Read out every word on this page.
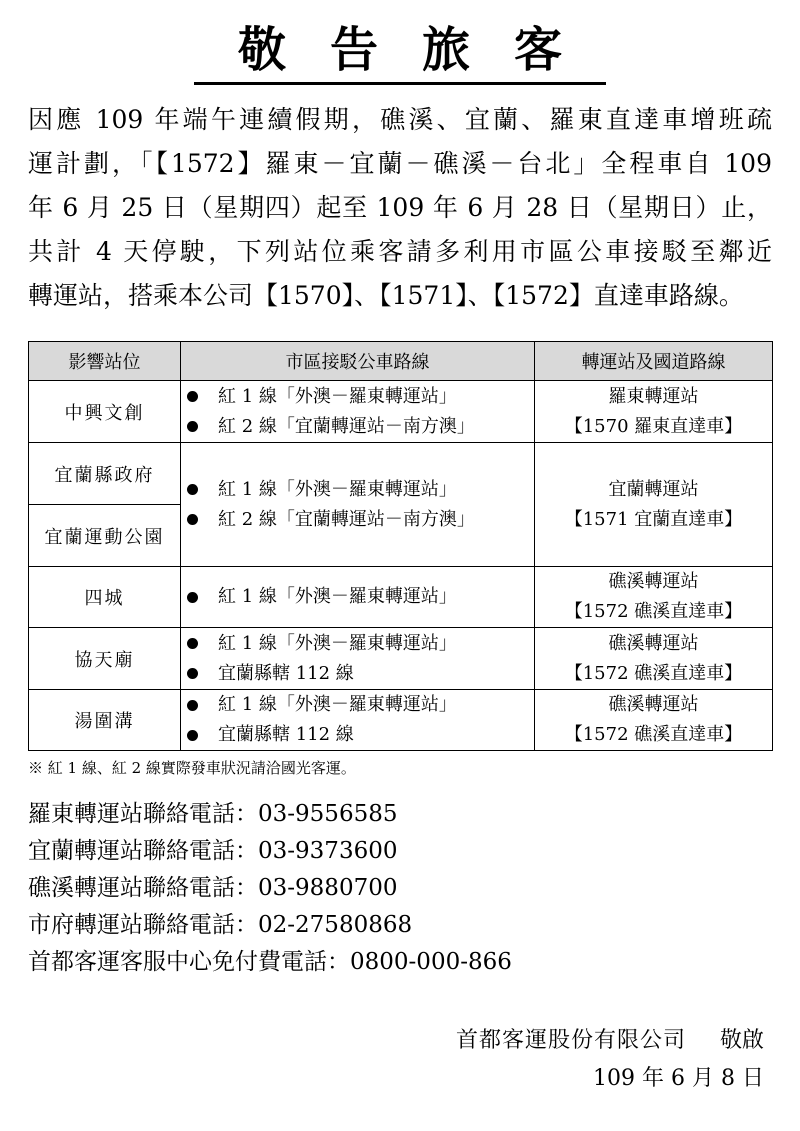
敬告旅客
因應 109 年端午連續假期，礁溪、宜蘭、羅東直達車增班疏
運計劃，「【1572】羅東－宜蘭－礁溪－台北」全程車自 109
年 6 月 25 日（星期四）起至 109 年 6 月 28 日（星期日）止，
共計 4 天停駛，下列站位乘客請多利用市區公車接駁至鄰近
轉運站，搭乘本公司【1570】、【1571】、【1572】直達車路線。
影響站位	市區接駁公車路線	轉運站及國道路線
中興文創	紅 1 線「外澳－羅東轉運站」
紅 2 線「宜蘭轉運站－南方澳」	羅東轉運站
【1570 羅東直達車】

宜蘭縣政府	紅 1 線「外澳－羅東轉運站」
紅 2 線「宜蘭轉運站－南方澳」	宜蘭轉運站
【1571 宜蘭直達車】

宜蘭運動公園		
四城	紅 1 線「外澳－羅東轉運站」	礁溪轉運站
【1572 礁溪直達車】

協天廟	紅 1 線「外澳－羅東轉運站」
宜蘭縣轄 112 線	礁溪轉運站
【1572 礁溪直達車】

湯圍溝	紅 1 線「外澳－羅東轉運站」
宜蘭縣轄 112 線	礁溪轉運站
【1572 礁溪直達車】
※ 紅 1 線、紅 2 線實際發車狀況請洽國光客運。
羅東轉運站聯絡電話：03-9556585
宜蘭轉運站聯絡電話：03-9373600
礁溪轉運站聯絡電話：03-9880700
市府轉運站聯絡電話：02-27580868
首都客運客服中心免付費電話：0800-000-866
首都客運股份有限公司 敬啟
109 年 6 月 8 日
